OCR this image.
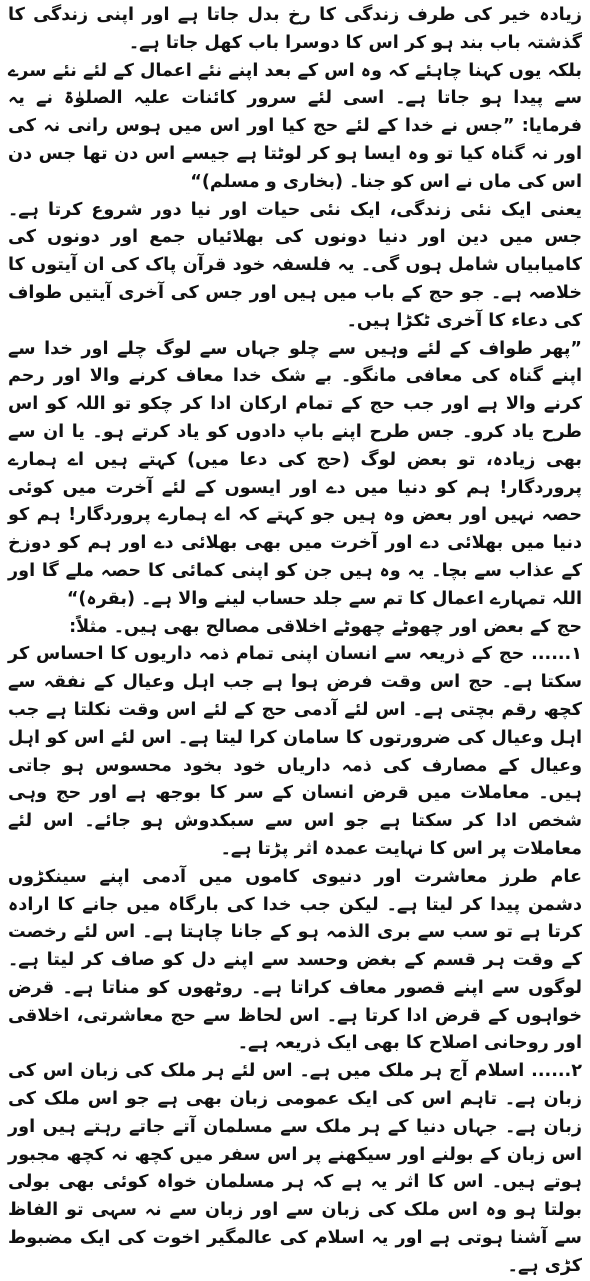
زیادہ خیر کی طرف زندگی کا رخ بدل جاتا ہے اور اپنی زندگی کا گذشتہ باب بند ہو کر اس کا دوسرا باب کھل جاتا ہے۔

بلکہ یوں کہنا چاہئے کہ وہ اس کے بعد اپنے نئے اعمال کے لئے نئے سرے سے پیدا ہو جاتا ہے۔ اسی لئے سرور کائنات علیہ الصلوٰۃ نے یہ فرمایا: ”جس نے خدا کے لئے حج کیا اور اس میں ہوس رانی نہ کی اور نہ گناہ کیا تو وہ ایسا ہو کر لوٹتا ہے جیسے اس دن تھا جس دن اس کی ماں نے اس کو جنا۔ (بخاری و مسلم)“

یعنی ایک نئی زندگی، ایک نئی حیات اور نیا دور شروع کرتا ہے۔ جس میں دین اور دنیا دونوں کی بھلائیاں جمع اور دونوں کی کامیابیاں شامل ہوں گی۔ یہ فلسفہ خود قرآن پاک کی ان آیتوں کا خلاصہ ہے۔ جو حج کے باب میں ہیں اور جس کی آخری آیتیں طواف کی دعاء کا آخری ٹکڑا ہیں۔

”پھر طواف کے لئے وہیں سے چلو جہاں سے لوگ چلے اور خدا سے اپنے گناہ کی معافی مانگو۔ بے شک خدا معاف کرنے والا اور رحم کرنے والا ہے اور جب حج کے تمام ارکان ادا کر چکو تو اللہ کو اس طرح یاد کرو۔ جس طرح اپنے باپ دادوں کو یاد کرتے ہو۔ یا ان سے بھی زیادہ، تو بعض لوگ (حج کی دعا میں) کہتے ہیں اے ہمارے پروردگار! ہم کو دنیا میں دے اور ایسوں کے لئے آخرت میں کوئی حصہ نہیں اور بعض وہ ہیں جو کہتے کہ اے ہمارے پروردگار! ہم کو دنیا میں بھلائی دے اور آخرت میں بھی بھلائی دے اور ہم کو دوزخ کے عذاب سے بچا۔ یہ وہ ہیں جن کو اپنی کمائی کا حصہ ملے گا اور اللہ تمہارے اعمال کا تم سے جلد حساب لینے والا ہے۔ (بقرہ)“

حج کے بعض اور چھوٹے چھوٹے اخلاقی مصالح بھی ہیں۔ مثلاً:

۱...... حج کے ذریعہ سے انسان اپنی تمام ذمہ داریوں کا احساس کر سکتا ہے۔ حج اس وقت فرض ہوا ہے جب اہل وعیال کے نفقہ سے کچھ رقم بچتی ہے۔ اس لئے آدمی حج کے لئے اس وقت نکلتا ہے جب اہل وعیال کی ضرورتوں کا سامان کرا لیتا ہے۔ اس لئے اس کو اہل وعیال کے مصارف کی ذمہ داریاں خود بخود محسوس ہو جاتی ہیں۔ معاملات میں قرض انسان کے سر کا بوجھ ہے اور حج وہی شخص ادا کر سکتا ہے جو اس سے سبکدوش ہو جائے۔ اس لئے معاملات پر اس کا نہایت عمدہ اثر پڑتا ہے۔

عام طرز معاشرت اور دنیوی کاموں میں آدمی اپنے سینکڑوں دشمن پیدا کر لیتا ہے۔ لیکن جب خدا کی بارگاہ میں جانے کا ارادہ کرتا ہے تو سب سے بری الذمہ ہو کے جانا چاہتا ہے۔ اس لئے رخصت کے وقت ہر قسم کے بغض وحسد سے اپنے دل کو صاف کر لیتا ہے۔ لوگوں سے اپنے قصور معاف کراتا ہے۔ روٹھوں کو مناتا ہے۔ قرض خواہوں کے قرض ادا کرتا ہے۔ اس لحاظ سے حج معاشرتی، اخلاقی اور روحانی اصلاح کا بھی ایک ذریعہ ہے۔

۲...... اسلام آج ہر ملک میں ہے۔ اس لئے ہر ملک کی زبان اس کی زبان ہے۔ تاہم اس کی ایک عمومی زبان بھی ہے جو اس ملک کی زبان ہے۔ جہاں دنیا کے ہر ملک سے مسلمان آتے جاتے رہتے ہیں اور اس زبان کے بولنے اور سیکھنے پر اس سفر میں کچھ نہ کچھ مجبور ہوتے ہیں۔ اس کا اثر یہ ہے کہ ہر مسلمان خواہ کوئی بھی بولی بولتا ہو وہ اس ملک کی زبان سے اور زبان سے نہ سہی تو الفاظ سے آشنا ہوتی ہے اور یہ اسلام کی عالمگیر اخوت کی ایک مضبوط کڑی ہے۔
